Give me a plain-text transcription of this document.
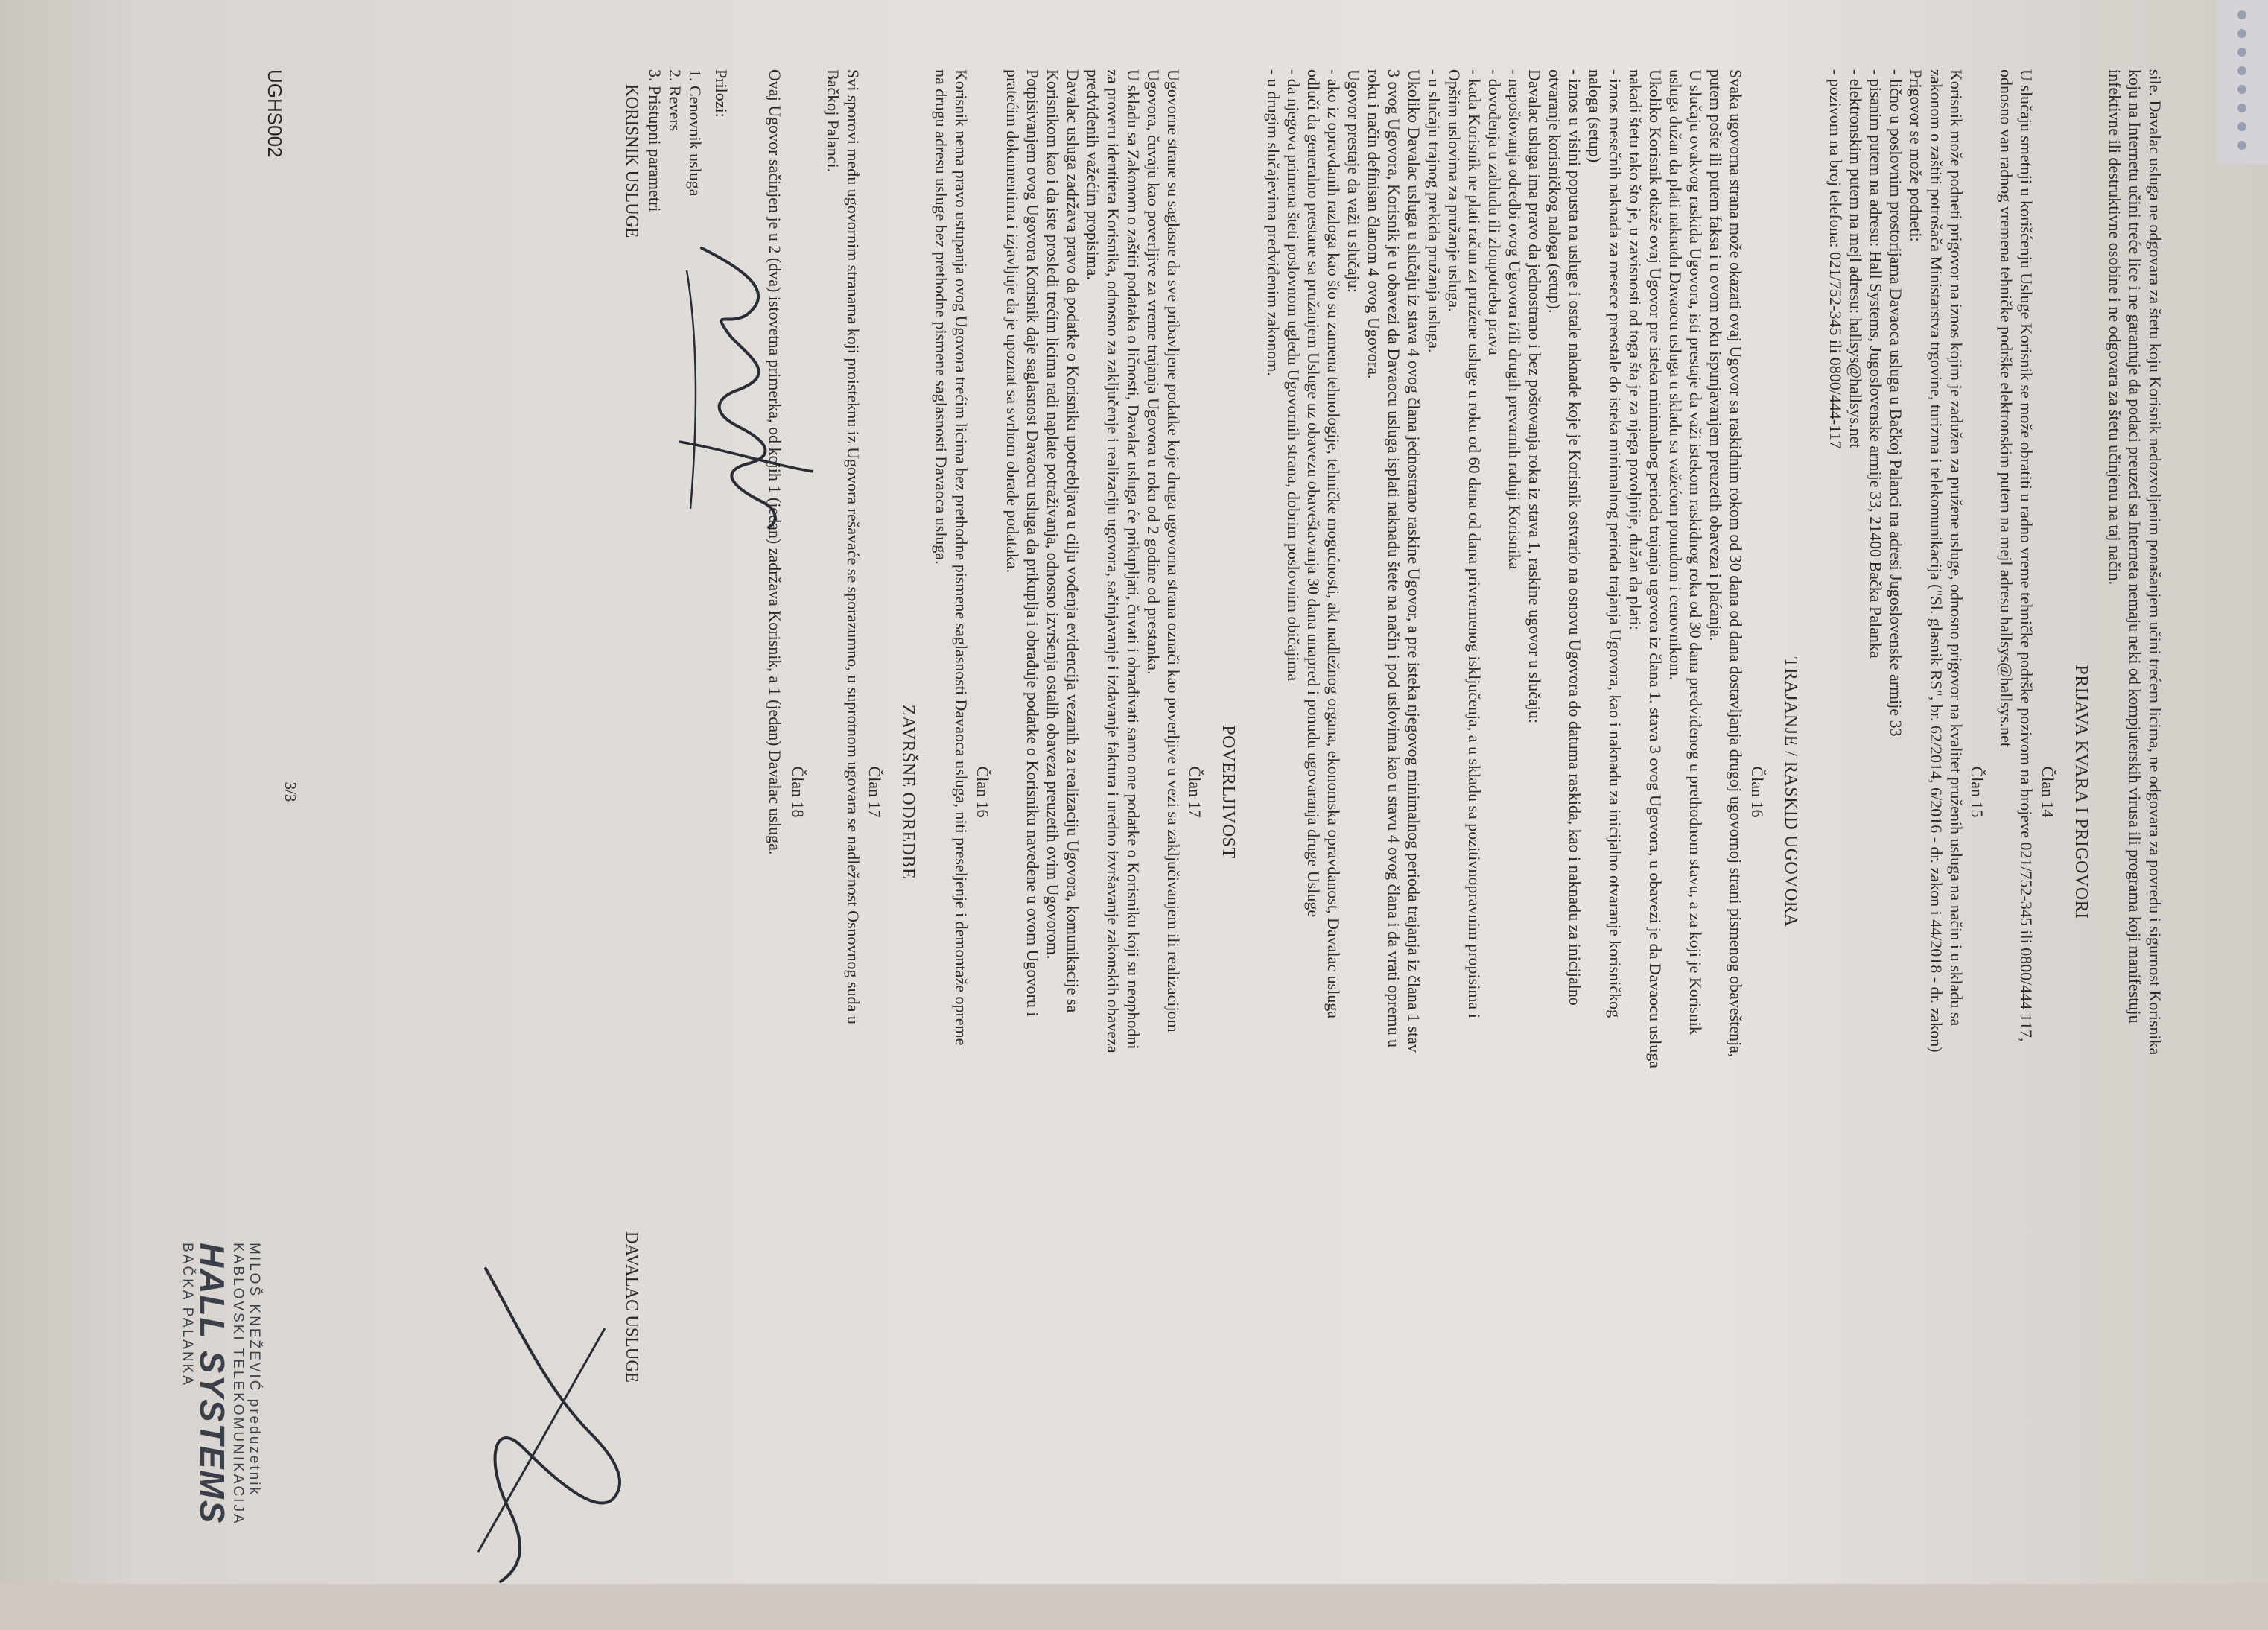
sile. Davalac usluga ne odgovara za štetu koju Korisnik nedozvoljenim ponašanjem učini trećem licima, ne odgovara za povredu i sigurnost Korisnika

koju na Internetu učini treće lice i ne garantuje da podaci preuzeti sa Interneta nemaju neki od kompjuterskih virusa ili programa koji manifestuju

infektivne ili destruktivne osobine i ne odgovara za štetu učinjenu na taj način.

PRIJAVA KVARA I PRIGOVORI
Član 14

U slučaju smetnji u korišćenju Usluge Korisnik se može obratiti u radno vreme tehničke podrške pozivom na brojeve 021/752-345 ili 0800/444 117,

odnosno van radnog vremena tehničke podrške elektronskim putem na mejl adresu hallsys@hallsys.net

Član 15

Korisnik može podneti prigovor na iznos kojim je zadužen za pružene usluge, odnosno prigovor na kvalitet pruženih usluga na način i u skladu sa

zakonom o zaštiti potrošača Ministarstva trgovine, turizma i telekomunikacija ("Sl. glasnik RS", br. 62/2014, 6/2016 - dr. zakon i 44/2018 - dr. zakon)

Prigovor se može podneti:

- lično u poslovnim prostorijama Davaoca usluga u Bačkoj Palanci na adresi Jugoslovenske armije 33

- pisanim putem na adresu: Hall Systems, Jugoslovenske armije 33, 21400 Bačka Palanka

- elektronskim putem na mejl adresu: hallsys@hallsys.net

- pozivom na broj telefona: 021/752-345 ili 0800/444-117

TRAJANJE / RASKID UGOVORA
Član 16

Svaka ugovorna strana može okazati ovaj Ugovor sa raskidnim rokom od 30 dana od dana dostavljanja drugoj ugovornoj strani pismenog obaveštenja,

putem pošte ili putem faksa i u ovom roku ispunjavanjem preuzetih obaveza i plaćanja.

U slučaju ovakvog raskida Ugovora, isti prestaje da važi istekom raskidnog roka od 30 dana predviđenog u prethodnom stavu, a za koji je Korisnik

usluga dužan da plati naknadu Davaocu usluga u skladu sa važećom ponudom i cenovnikom.

Ukoliko Korisnik otkaže ovaj Ugovor pre isteka minimalnog perioda trajanja ugovora iz člana 1. stava 3 ovog Ugovora, u obavezi je da Davaocu usluga

nakadi štetu tako što je, u zavisnosti od toga šta je za njega povoljnije, dužan da plati:

- iznos mesečnih naknada za mesece preostale do isteka minimalnog perioda trajanja Ugovora, kao i naknadu za inicijalno otvaranje korisničkog

naloga (setup)

- iznos u visini popusta na usluge i ostale naknade koje je Korisnik ostvario na osnovu Ugovora do datuma raskida, kao i naknadu za inicijalno

otvaranje korisničkog naloga (setup).

Davalac usluga ima pravo da jednostrano i bez poštovanja roka iz stava 1, raskine ugovor u slučaju:

- nepoštovanja odredbi ovog Ugovora i/ili drugih prevarnih radnji Korisnika

- dovođenja u zabludu ili zloupotreba prava

- kada Korisnik ne plati račun za pružene usluge u roku od 60 dana od dana privremenog isključenja, a u skladu sa pozitivnopravnim propisima i

Opštim uslovima za pružanje usluga.

- u slučaju trajnog prekida pružanja usluga.

Ukoliko Davalac usluga u slučaju iz stava 4 ovog člana jednostrano raskine Ugovor, a pre isteka njegovog minimalnog perioda trajanja iz člana 1 stav

3 ovog Ugovora, Korisnik je u obavezi da Davaocu usluga isplati naknadu štete na način i pod uslovima kao u stavu 4 ovog člana i da vrati opremu u

roku i način definisan članom 4 ovog Ugovora.

Ugovor prestaje da važi u slučaju:

- ako iz opravdanih razloga kao što su zamena tehnologije, tehničke mogućnosti, akt nadležnog organa, ekonomska opravdanost, Davalac usluga

odluči da generalno prestane sa pružanjem Usluge uz obavezu obaveštavanja 30 dana unapred i ponudu ugovaranja druge Usluge

- da njegova primena šteti poslovnom ugledu Ugovornih strana, dobrim poslovnim običajima

- u drugim slučajevima predviđenim zakonom.

POVERLJIVOST
Član 17

Ugovorne strane su saglasne da sve pribavljene podatke koje druga ugovorna strana označi kao poverljive u vezi sa zaključivanjem ili realizacijom

Ugovora, čuvaju kao poverljive za vreme trajanja Ugovora u roku od 2 godine od prestanka.

U skladu sa Zakonom o zaštiti podataka o ličnosti, Davalac usluga će prikupljati, čuvati i obrađivati samo one podatke o Korisniku koji su neophodni

za proveru identiteta Korisnika, odnosno za zaključenje i realizaciju ugovora, sačinjavanje i izdavanje faktura i uredno izvršavanje zakonskih obaveza

predviđenih važećim propisima.

Davalac usluga zadržava pravo da podatke o Korisniku upotrebljava u cilju vođenja evidencija vezanih za realizaciju Ugovora, komunikacije sa

Korisnikom kao i da iste prosledi trećim licima radi naplate potraživanja, odnosno izvršenja ostalih obaveza preuzetih ovim Ugovorom.

Potpisivanjem ovog Ugovora Korisnik daje saglasnost Davaocu usluga da prikuplja i obrađuje podatke o Korisniku navedene u ovom Ugovoru i

pratećim dokumentima i izjavljuje da je upoznat sa svrhom obrade podataka.

Član 16

Korisnik nema pravo ustupanja ovog Ugovora trećim licima bez prethodne pismene saglasnosti Davaoca usluga, niti preseljenje i demontaže opreme

na drugu adresu usluge bez prethodne pismene saglasnosti Davaoca usluga.

ZAVRŠNE ODREDBE
Član 17

Svi sporovi među ugovornim stranama koji proisteknu iz Ugovora rešavaće se sporazumno, u suprotnom ugovara se nadležnost Osnovnog suda u

Bačkoj Palanci.

Član 18

Ovaj Ugovor sačinjen je u 2 (dva) istovetna primerka, od kojih 1 (jedan) zadržava Korisnik, a 1 (jedan) Davalac usluga.

Prilozi:

1. Cenovnik usluga

2. Revers

3. Pristupni parametri

DAVALAC USLUGE
KORISNIK USLUGE
MILOŠ KNEŽEVIĆ preduzetnik
KABLOVSKI TELEKOMUNIKACIJA
HALL SYSTEMS
BAČKA PALANKA
3/3
UGHS002
